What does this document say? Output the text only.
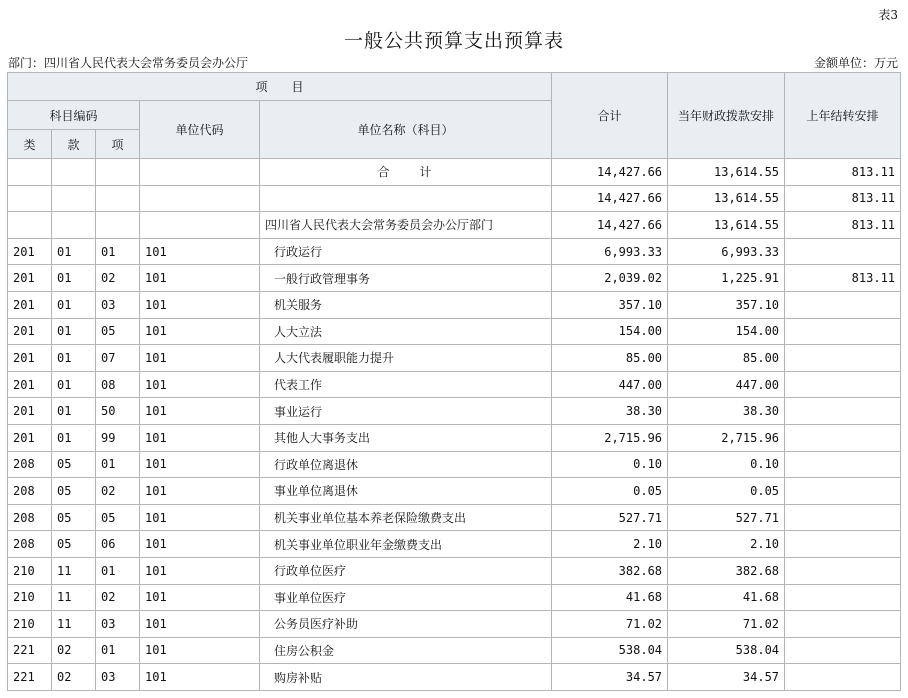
表3
一般公共预算支出预算表
部门：四川省人民代表大会常务委员会办公厅	金额单位：万元
项　　目					合计	当年财政拨款安排	上年结转安排
科目编码			单位代码	单位名称（科目）			
类	款	项					
				合　　计	14,427.66	13,614.55	813.11
					14,427.66	13,614.55	813.11
				四川省人民代表大会常务委员会办公厅部门	14,427.66	13,614.55	813.11
201	01	01	101	行政运行	6,993.33	6,993.33	
201	01	02	101	一般行政管理事务	2,039.02	1,225.91	813.11
201	01	03	101	机关服务	357.10	357.10	
201	01	05	101	人大立法	154.00	154.00	
201	01	07	101	人大代表履职能力提升	85.00	85.00	
201	01	08	101	代表工作	447.00	447.00	
201	01	50	101	事业运行	38.30	38.30	
201	01	99	101	其他人大事务支出	2,715.96	2,715.96	
208	05	01	101	行政单位离退休	0.10	0.10	
208	05	02	101	事业单位离退休	0.05	0.05	
208	05	05	101	机关事业单位基本养老保险缴费支出	527.71	527.71	
208	05	06	101	机关事业单位职业年金缴费支出	2.10	2.10	
210	11	01	101	行政单位医疗	382.68	382.68	
210	11	02	101	事业单位医疗	41.68	41.68	
210	11	03	101	公务员医疗补助	71.02	71.02	
221	02	01	101	住房公积金	538.04	538.04	
221	02	03	101	购房补贴	34.57	34.57	
